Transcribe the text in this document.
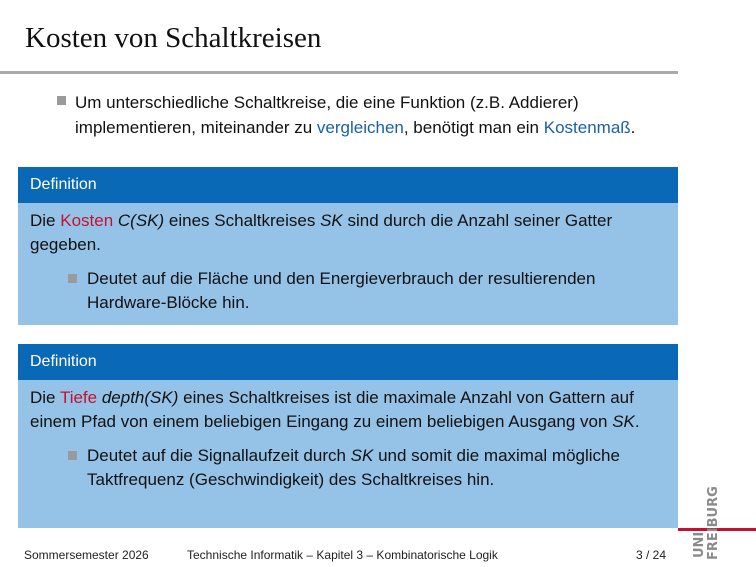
Kosten von Schaltkreisen
Um unterschiedliche Schaltkreise, die eine Funktion (z.B. Addierer) implementieren, miteinander zu vergleichen, benötigt man ein Kostenmaß.
Definition
Die Kosten C(SK) eines Schaltkreises SK sind durch die Anzahl seiner Gatter gegeben.
Deutet auf die Fläche und den Energieverbrauch der resultierenden Hardware-Blöcke hin.
Definition
Die Tiefe depth(SK) eines Schaltkreises ist die maximale Anzahl von Gattern auf einem Pfad von einem beliebigen Eingang zu einem beliebigen Ausgang von SK.
Deutet auf die Signallaufzeit durch SK und somit die maximal mögliche Taktfrequenz (Geschwindigkeit) des Schaltkreises hin.
Sommersemester 2026	Technische Informatik – Kapitel 3 – Kombinatorische Logik	3 / 24 UNI FREIBURG
